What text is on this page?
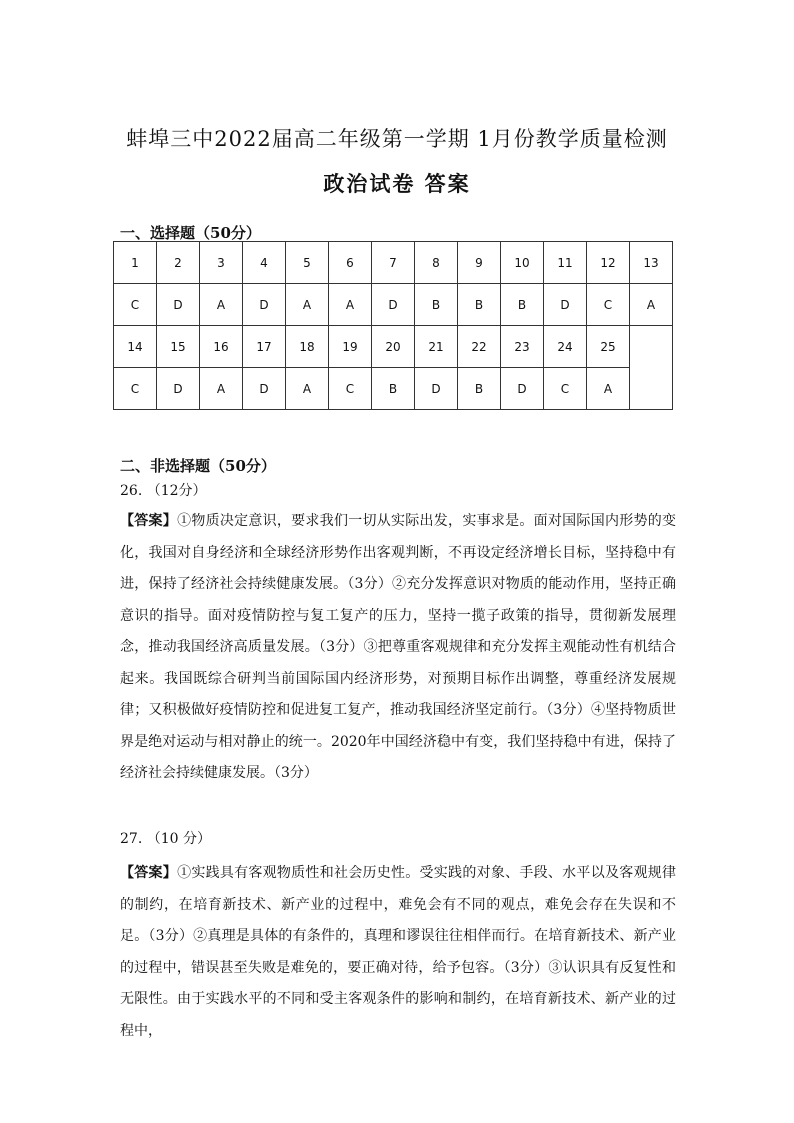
蚌埠三中2022届高二年级第一学期 1月份教学质量检测
政治试卷 答案
一、选择题（50分）
1	2	3	4	5	6	7	8	9	10	11	12	13
C	D	A	D	A	A	D	B	B	B	D	C	A
14	15	16	17	18	19	20	21	22	23	24	25	
C	D	A	D	A	C	B	D	B	D	C	A	
二、非选择题（50分）
26. （12分）
【答案】①物质决定意识，要求我们一切从实际出发，实事求是。面对国际国内形势的变化，我国对自身经济和全球经济形势作出客观判断，不再设定经济增长目标，坚持稳中有进，保持了经济社会持续健康发展。（3分）②充分发挥意识对物质的能动作用，坚持正确意识的指导。面对疫情防控与复工复产的压力，坚持一揽子政策的指导，贯彻新发展理念，推动我国经济高质量发展。（3分）③把尊重客观规律和充分发挥主观能动性有机结合起来。我国既综合研判当前国际国内经济形势，对预期目标作出调整，尊重经济发展规律；又积极做好疫情防控和促进复工复产，推动我国经济坚定前行。（3分）④坚持物质世界是绝对运动与相对静止的统一。2020年中国经济稳中有变，我们坚持稳中有进，保持了经济社会持续健康发展。（3分）
27. （10 分）
【答案】①实践具有客观物质性和社会历史性。受实践的对象、手段、水平以及客观规律的制约，在培育新技术、新产业的过程中，难免会有不同的观点，难免会存在失误和不足。（3分）②真理是具体的有条件的，真理和谬误往往相伴而行。在培育新技术、新产业的过程中，错误甚至失败是难免的，要正确对待，给予包容。（3分）③认识具有反复性和无限性。由于实践水平的不同和受主客观条件的影响和制约，在培育新技术、新产业的过程中，
